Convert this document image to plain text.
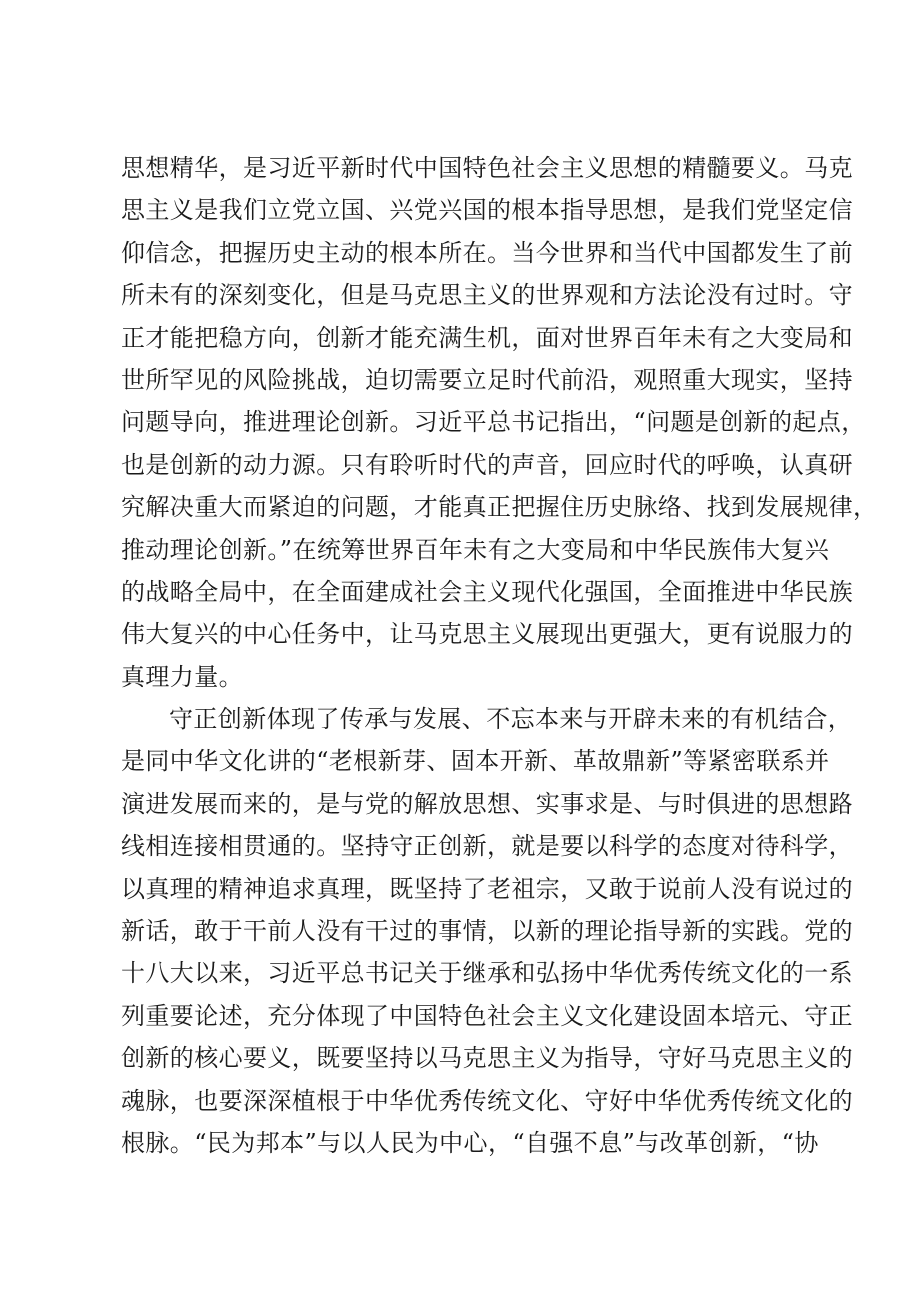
思想精华，是习近平新时代中国特色社会主义思想的精髓要义。马克
思主义是我们立党立国、兴党兴国的根本指导思想，是我们党坚定信
仰信念，把握历史主动的根本所在。当今世界和当代中国都发生了前
所未有的深刻变化，但是马克思主义的世界观和方法论没有过时。守
正才能把稳方向，创新才能充满生机，面对世界百年未有之大变局和
世所罕见的风险挑战，迫切需要立足时代前沿，观照重大现实，坚持
问题导向，推进理论创新。习近平总书记指出，“问题是创新的起点，
也是创新的动力源。只有聆听时代的声音，回应时代的呼唤，认真研
究解决重大而紧迫的问题，才能真正把握住历史脉络、找到发展规律，
推动理论创新。”在统筹世界百年未有之大变局和中华民族伟大复兴
的战略全局中，在全面建成社会主义现代化强国，全面推进中华民族
伟大复兴的中心任务中，让马克思主义展现出更强大，更有说服力的
真理力量。
守正创新体现了传承与发展、不忘本来与开辟未来的有机结合，
是同中华文化讲的“老根新芽、固本开新、革故鼎新”等紧密联系并
演进发展而来的，是与党的解放思想、实事求是、与时俱进的思想路
线相连接相贯通的。坚持守正创新，就是要以科学的态度对待科学，
以真理的精神追求真理，既坚持了老祖宗，又敢于说前人没有说过的
新话，敢于干前人没有干过的事情，以新的理论指导新的实践。党的
十八大以来，习近平总书记关于继承和弘扬中华优秀传统文化的一系
列重要论述，充分体现了中国特色社会主义文化建设固本培元、守正
创新的核心要义，既要坚持以马克思主义为指导，守好马克思主义的
魂脉，也要深深植根于中华优秀传统文化、守好中华优秀传统文化的
根脉。“民为邦本”与以人民为中心，“自强不息”与改革创新，“协
